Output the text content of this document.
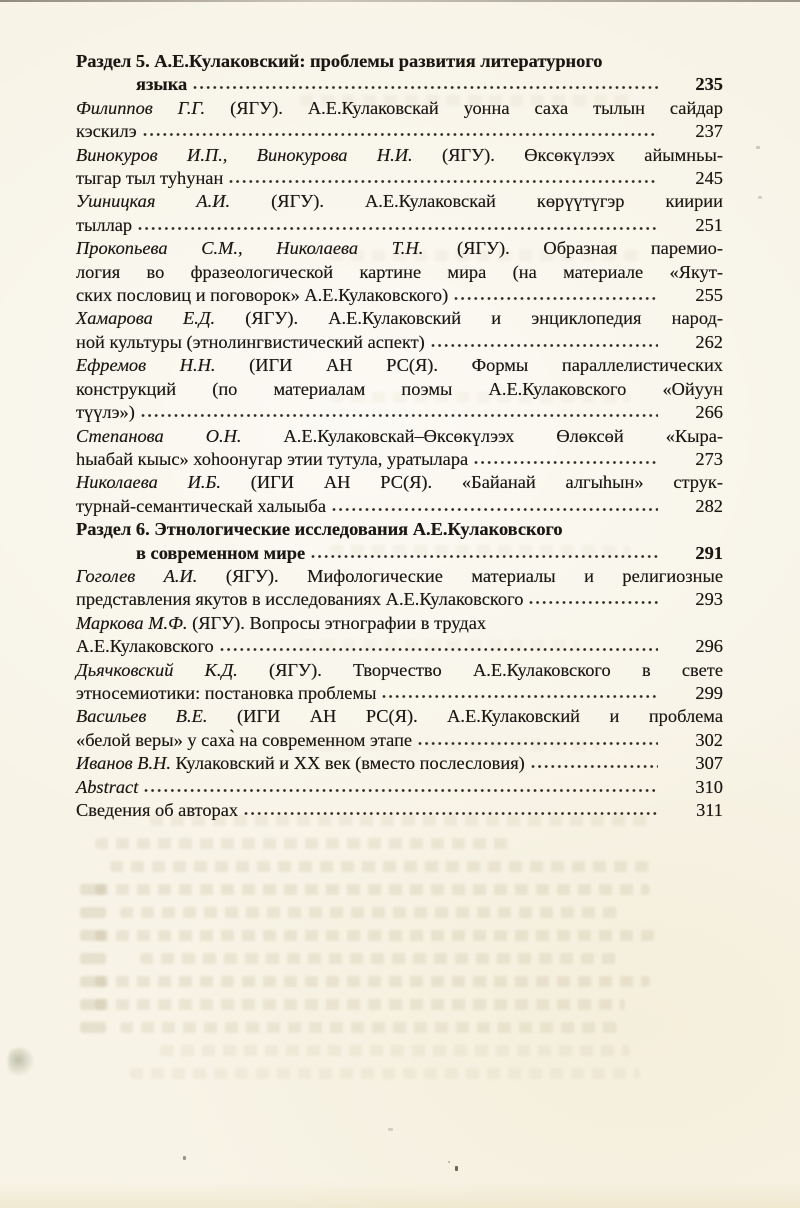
Раздел 5. А.Е.Кулаковский: проблемы развития литературного
языка	235
Филиппов Г.Г. (ЯГУ). А.Е.Кулаковскай уонна саха тылын сайдар
кэскилэ	237
Винокуров И.П., Винокурова Н.И. (ЯГУ). Өксөкүлээх айымньы-
тыгар тыл туһунан	245
Ушницкая А.И. (ЯГУ). А.Е.Кулаковскай көрүүтүгэр киирии
тыллар	251
Прокопьева С.М., Николаева Т.Н. (ЯГУ). Образная паремио-
логия во фразеологической картине мира (на материале «Якут-
ских пословиц и поговорок» А.Е.Кулаковского)	255
Хамарова Е.Д. (ЯГУ). А.Е.Кулаковский и энциклопедия народ-
ной культуры (этнолингвистический аспект)	262
Ефремов Н.Н. (ИГИ АН РС(Я). Формы параллелистических
конструкций (по материалам поэмы А.Е.Кулаковского «Ойуун
түүлэ»)	266
Степанова О.Н. А.Е.Кулаковскай–Өксөкүлээх Өлөксөй «Кыра-
һыабай кыыс» хоһоонугар этии тутула, уратылара	273
Николаева И.Б. (ИГИ АН РС(Я). «Байанай алгыһын» струк-
турнай-семантическай халыыба	282
Раздел 6. Этнологические исследования А.Е.Кулаковского
в современном мире	291
Гоголев А.И. (ЯГУ). Мифологические материалы и религиозные
представления якутов в исследованиях А.Е.Кулаковского	293
Маркова М.Ф. (ЯГУ). Вопросы этнографии в трудах
А.Е.Кулаковского	296
Дьячковский К.Д. (ЯГУ). Творчество А.Е.Кулаковского в свете
этносемиотики: постановка проблемы	299
Васильев В.Е. (ИГИ АН РС(Я). А.Е.Кулаковский и проблема
«белой веры» у саха̀ на современном этапе	302
Иванов В.Н. Кулаковский и ХХ век (вместо послесловия)	307
Abstract	310
Сведения об авторах	311
